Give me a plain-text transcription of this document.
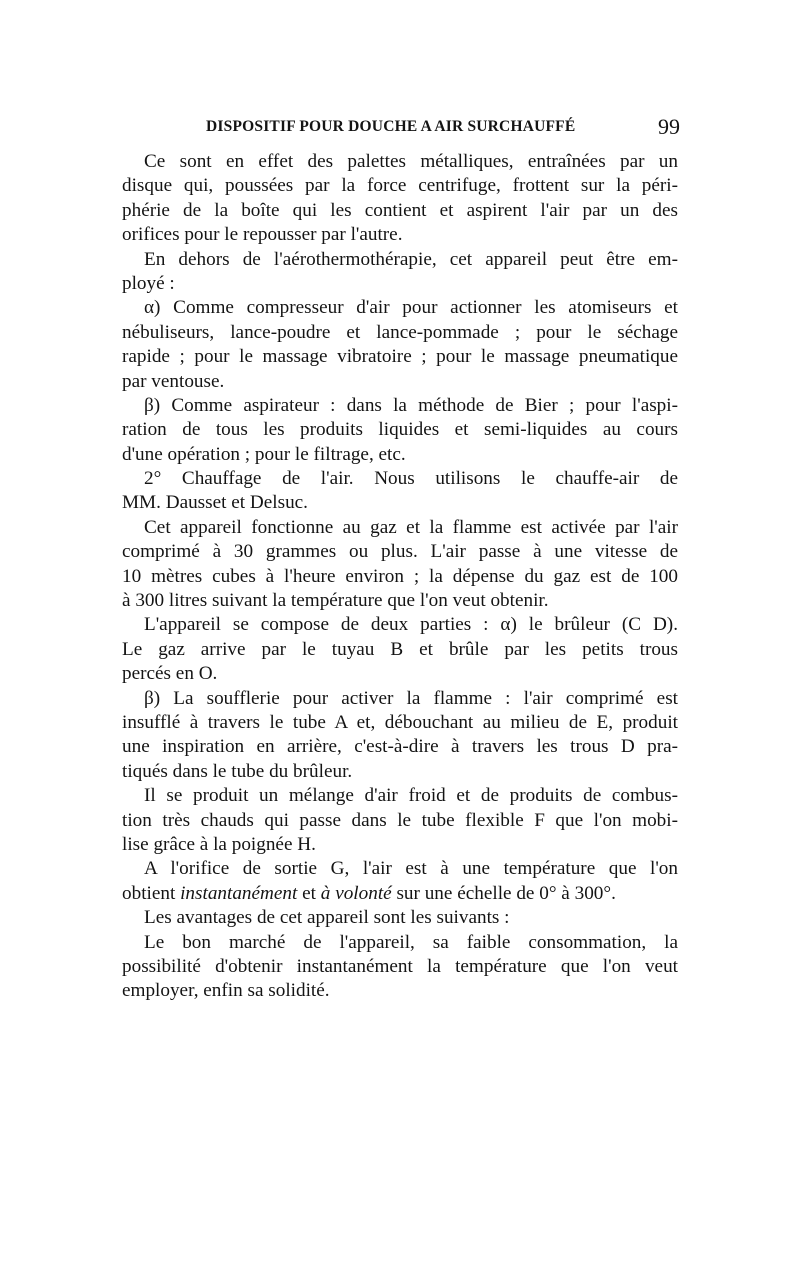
DISPOSITIF POUR DOUCHE A AIR SURCHAUFFÉ	99
Ce sont en effet des palettes métalliques, entraînées par un
disque qui, poussées par la force centrifuge, frottent sur la péri-
phérie de la boîte qui les contient et aspirent l'air par un des
orifices pour le repousser par l'autre.
En dehors de l'aérothermothérapie, cet appareil peut être em-
ployé :
α) Comme compresseur d'air pour actionner les atomiseurs et
nébuliseurs, lance-poudre et lance-pommade ; pour le séchage
rapide ; pour le massage vibratoire ; pour le massage pneumatique
par ventouse.
β) Comme aspirateur : dans la méthode de Bier ; pour l'aspi-
ration de tous les produits liquides et semi-liquides au cours
d'une opération ; pour le filtrage, etc.
2° Chauffage de l'air. Nous utilisons le chauffe-air de
MM. Dausset et Delsuc.
Cet appareil fonctionne au gaz et la flamme est activée par l'air
comprimé à 30 grammes ou plus. L'air passe à une vitesse de
10 mètres cubes à l'heure environ ; la dépense du gaz est de 100
à 300 litres suivant la température que l'on veut obtenir.
L'appareil se compose de deux parties : α) le brûleur (C D).
Le gaz arrive par le tuyau B et brûle par les petits trous
percés en O.
β) La soufflerie pour activer la flamme : l'air comprimé est
insufflé à travers le tube A et, débouchant au milieu de E, produit
une inspiration en arrière, c'est-à-dire à travers les trous D pra-
tiqués dans le tube du brûleur.
Il se produit un mélange d'air froid et de produits de combus-
tion très chauds qui passe dans le tube flexible F que l'on mobi-
lise grâce à la poignée H.
A l'orifice de sortie G, l'air est à une température que l'on
obtient instantanément et à volonté sur une échelle de 0° à 300°.
Les avantages de cet appareil sont les suivants :
Le bon marché de l'appareil, sa faible consommation, la
possibilité d'obtenir instantanément la température que l'on veut
employer, enfin sa solidité.
